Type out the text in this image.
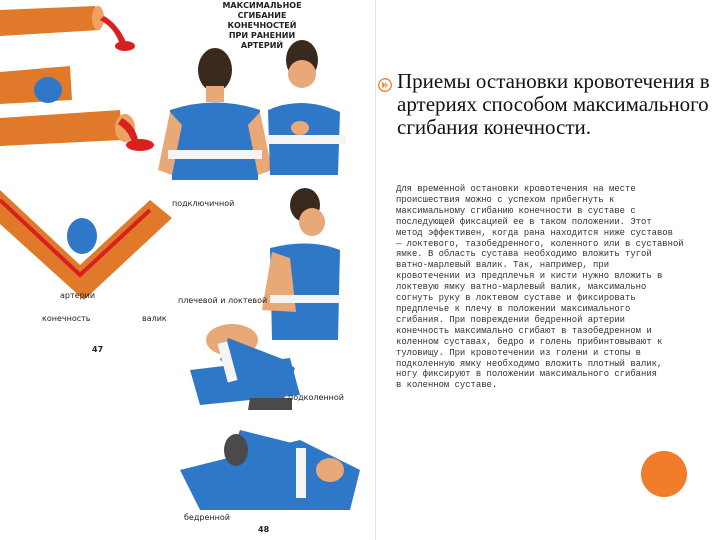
МАКСИМАЛЬНОЕ
СГИБАНИЕ
КОНЕЧНОСТЕЙ
ПРИ РАНЕНИИ
АРТЕРИЙ
артерии
конечность	валик
47
подключичной
плечевой и локтевой
подколенной
бедренной
48
Приемы остановки кровотечения в артериях способом максимального сгибания конечности.

Для временной остановки кровотечения на месте
происшествия можно с успехом прибегнуть к
максимальному сгибанию конечности в суставе с
последующей фиксацией ее в таком положении. Этот
метод эффективен, когда рана находится ниже суставов
— локтевого, тазобедренного, коленного или в суставной
ямке. В область сустава необходимо вложить тугой
ватно-марлевый валик. Так, например, при
кровотечении из предплечья и кисти нужно вложить в
локтевую ямку ватно-марлевый валик, максимально
согнуть руку в локтевом суставе и фиксировать
предплечье к плечу в положении максимального
сгибания. При повреждении бедренной артерии
конечность максимально сгибают в тазобедренном и
коленном суставах, бедро и голень прибинтовывают к
туловищу. При кровотечении из голени и стопы в
подколенную ямку необходимо вложить плотный валик,
ногу фиксируют в положении максимального сгибания
в коленном суставе.
